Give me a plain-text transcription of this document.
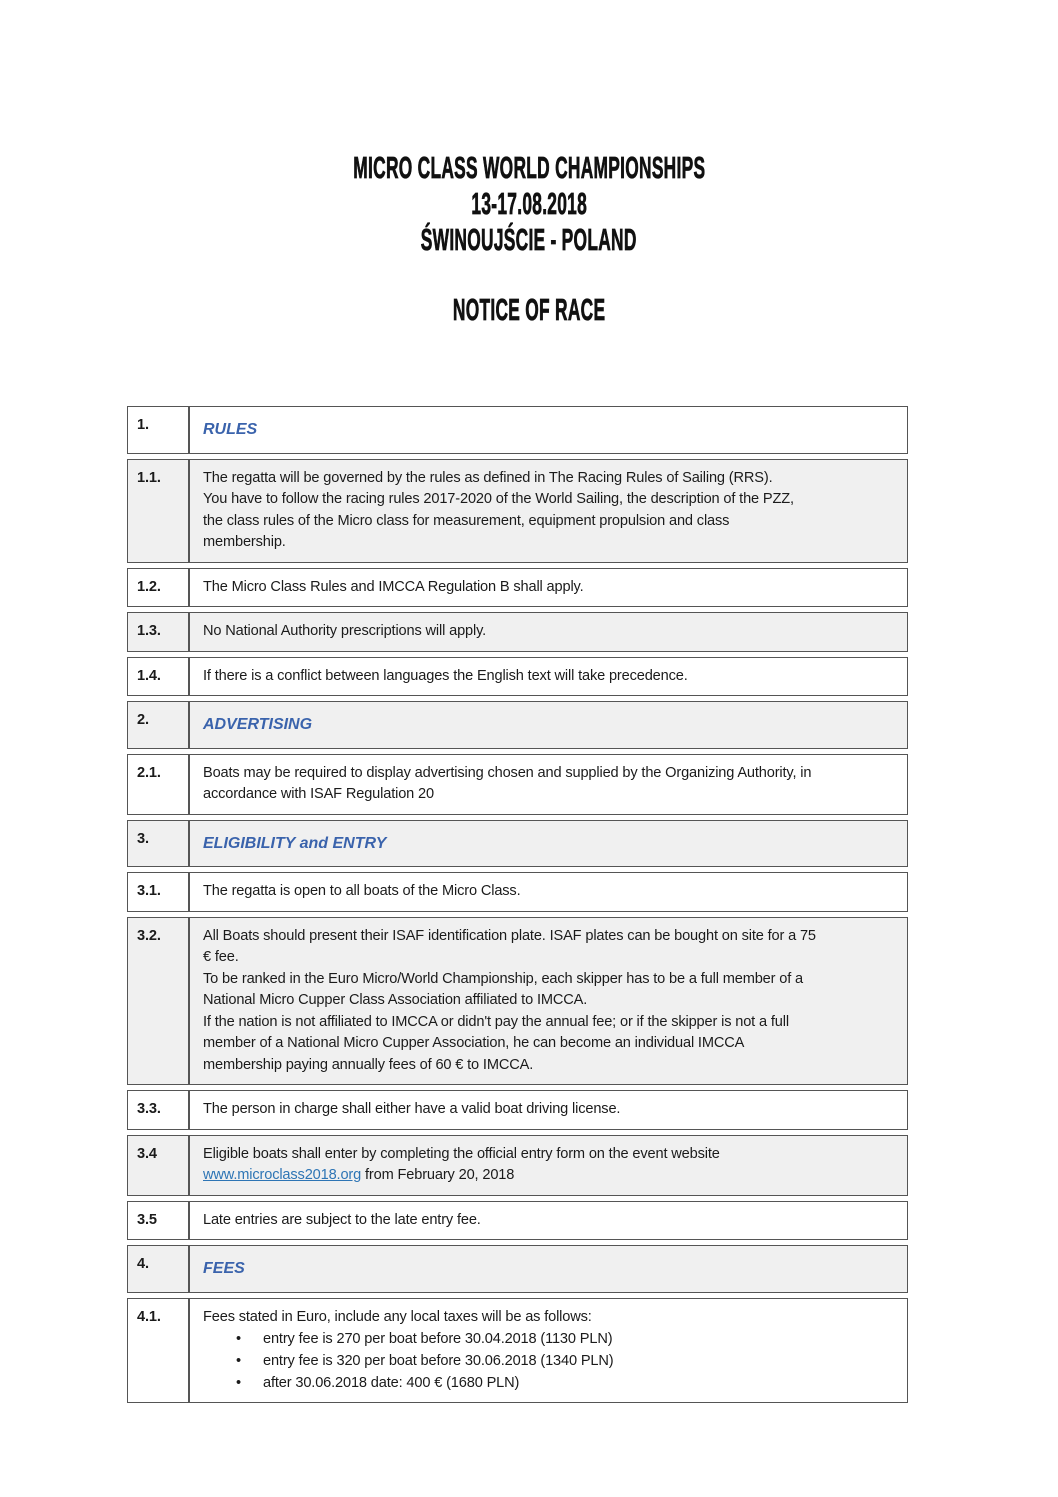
MICRO CLASS WORLD CHAMPIONSHIPS
13-17.08.2018
ŚWINOUJŚCIE - POLAND
NOTICE OF RACE
1.	RULES
1.1.	The regatta will be governed by the rules as defined in The Racing Rules of Sailing (RRS).
You have to follow the racing rules 2017-2020 of the World Sailing, the description of the PZZ,
the class rules of the Micro class for measurement, equipment propulsion and class
membership.

1.2.	The Micro Class Rules and IMCCA Regulation B shall apply.

1.3.	No National Authority prescriptions will apply.

1.4.	If there is a conflict between languages the English text will take precedence.

2.	ADVERTISING
2.1.	Boats may be required to display advertising chosen and supplied by the Organizing Authority, in
accordance with ISAF Regulation 20

3.	ELIGIBILITY and ENTRY
3.1.	The regatta is open to all boats of the Micro Class.

3.2.	All Boats should present their ISAF identification plate. ISAF plates can be bought on site for a 75
€ fee.
To be ranked in the Euro Micro/World Championship, each skipper has to be a full member of a
National Micro Cupper Class Association affiliated to IMCCA.
If the nation is not affiliated to IMCCA or didn't pay the annual fee; or if the skipper is not a full
member of a National Micro Cupper Association, he can become an individual IMCCA
membership paying annually fees of 60 € to IMCCA.

3.3.	The person in charge shall either have a valid boat driving license.

3.4	Eligible boats shall enter by completing the official entry form on the event website
www.microclass2018.org from February 20, 2018

3.5	Late entries are subject to the late entry fee.

4.	FEES
4.1.	Fees stated in Euro, include any local taxes will be as follows:
• entry fee is 270 per boat before 30.04.2018 (1130 PLN)
• entry fee is 320 per boat before 30.06.2018 (1340 PLN)
• after 30.06.2018 date: 400 € (1680 PLN)
